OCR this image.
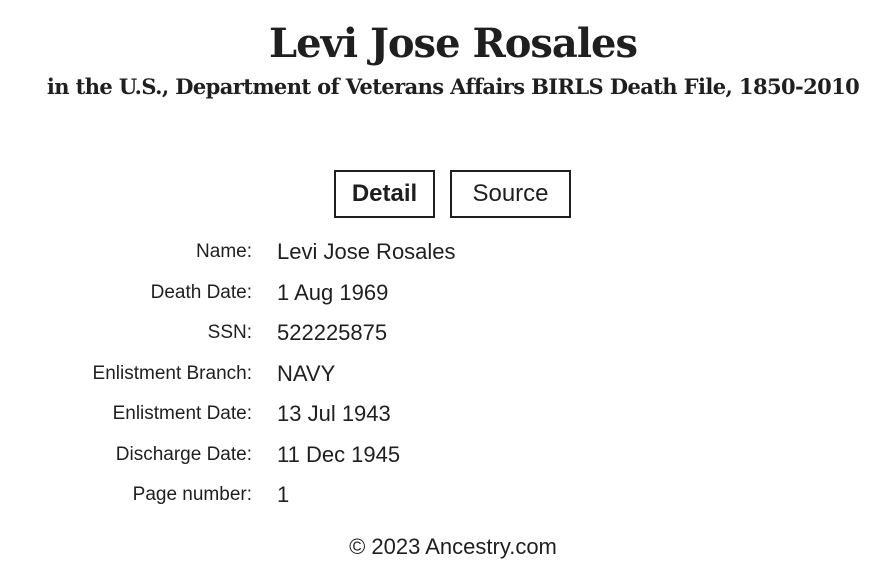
Levi Jose Rosales
in the U.S., Department of Veterans Affairs BIRLS Death File, 1850-2010
Detail	Source
Name: Levi Jose Rosales
Death Date: 1 Aug 1969
SSN: 522225875
Enlistment Branch: NAVY
Enlistment Date: 13 Jul 1943
Discharge Date: 11 Dec 1945
Page number: 1
© 2023 Ancestry.com
